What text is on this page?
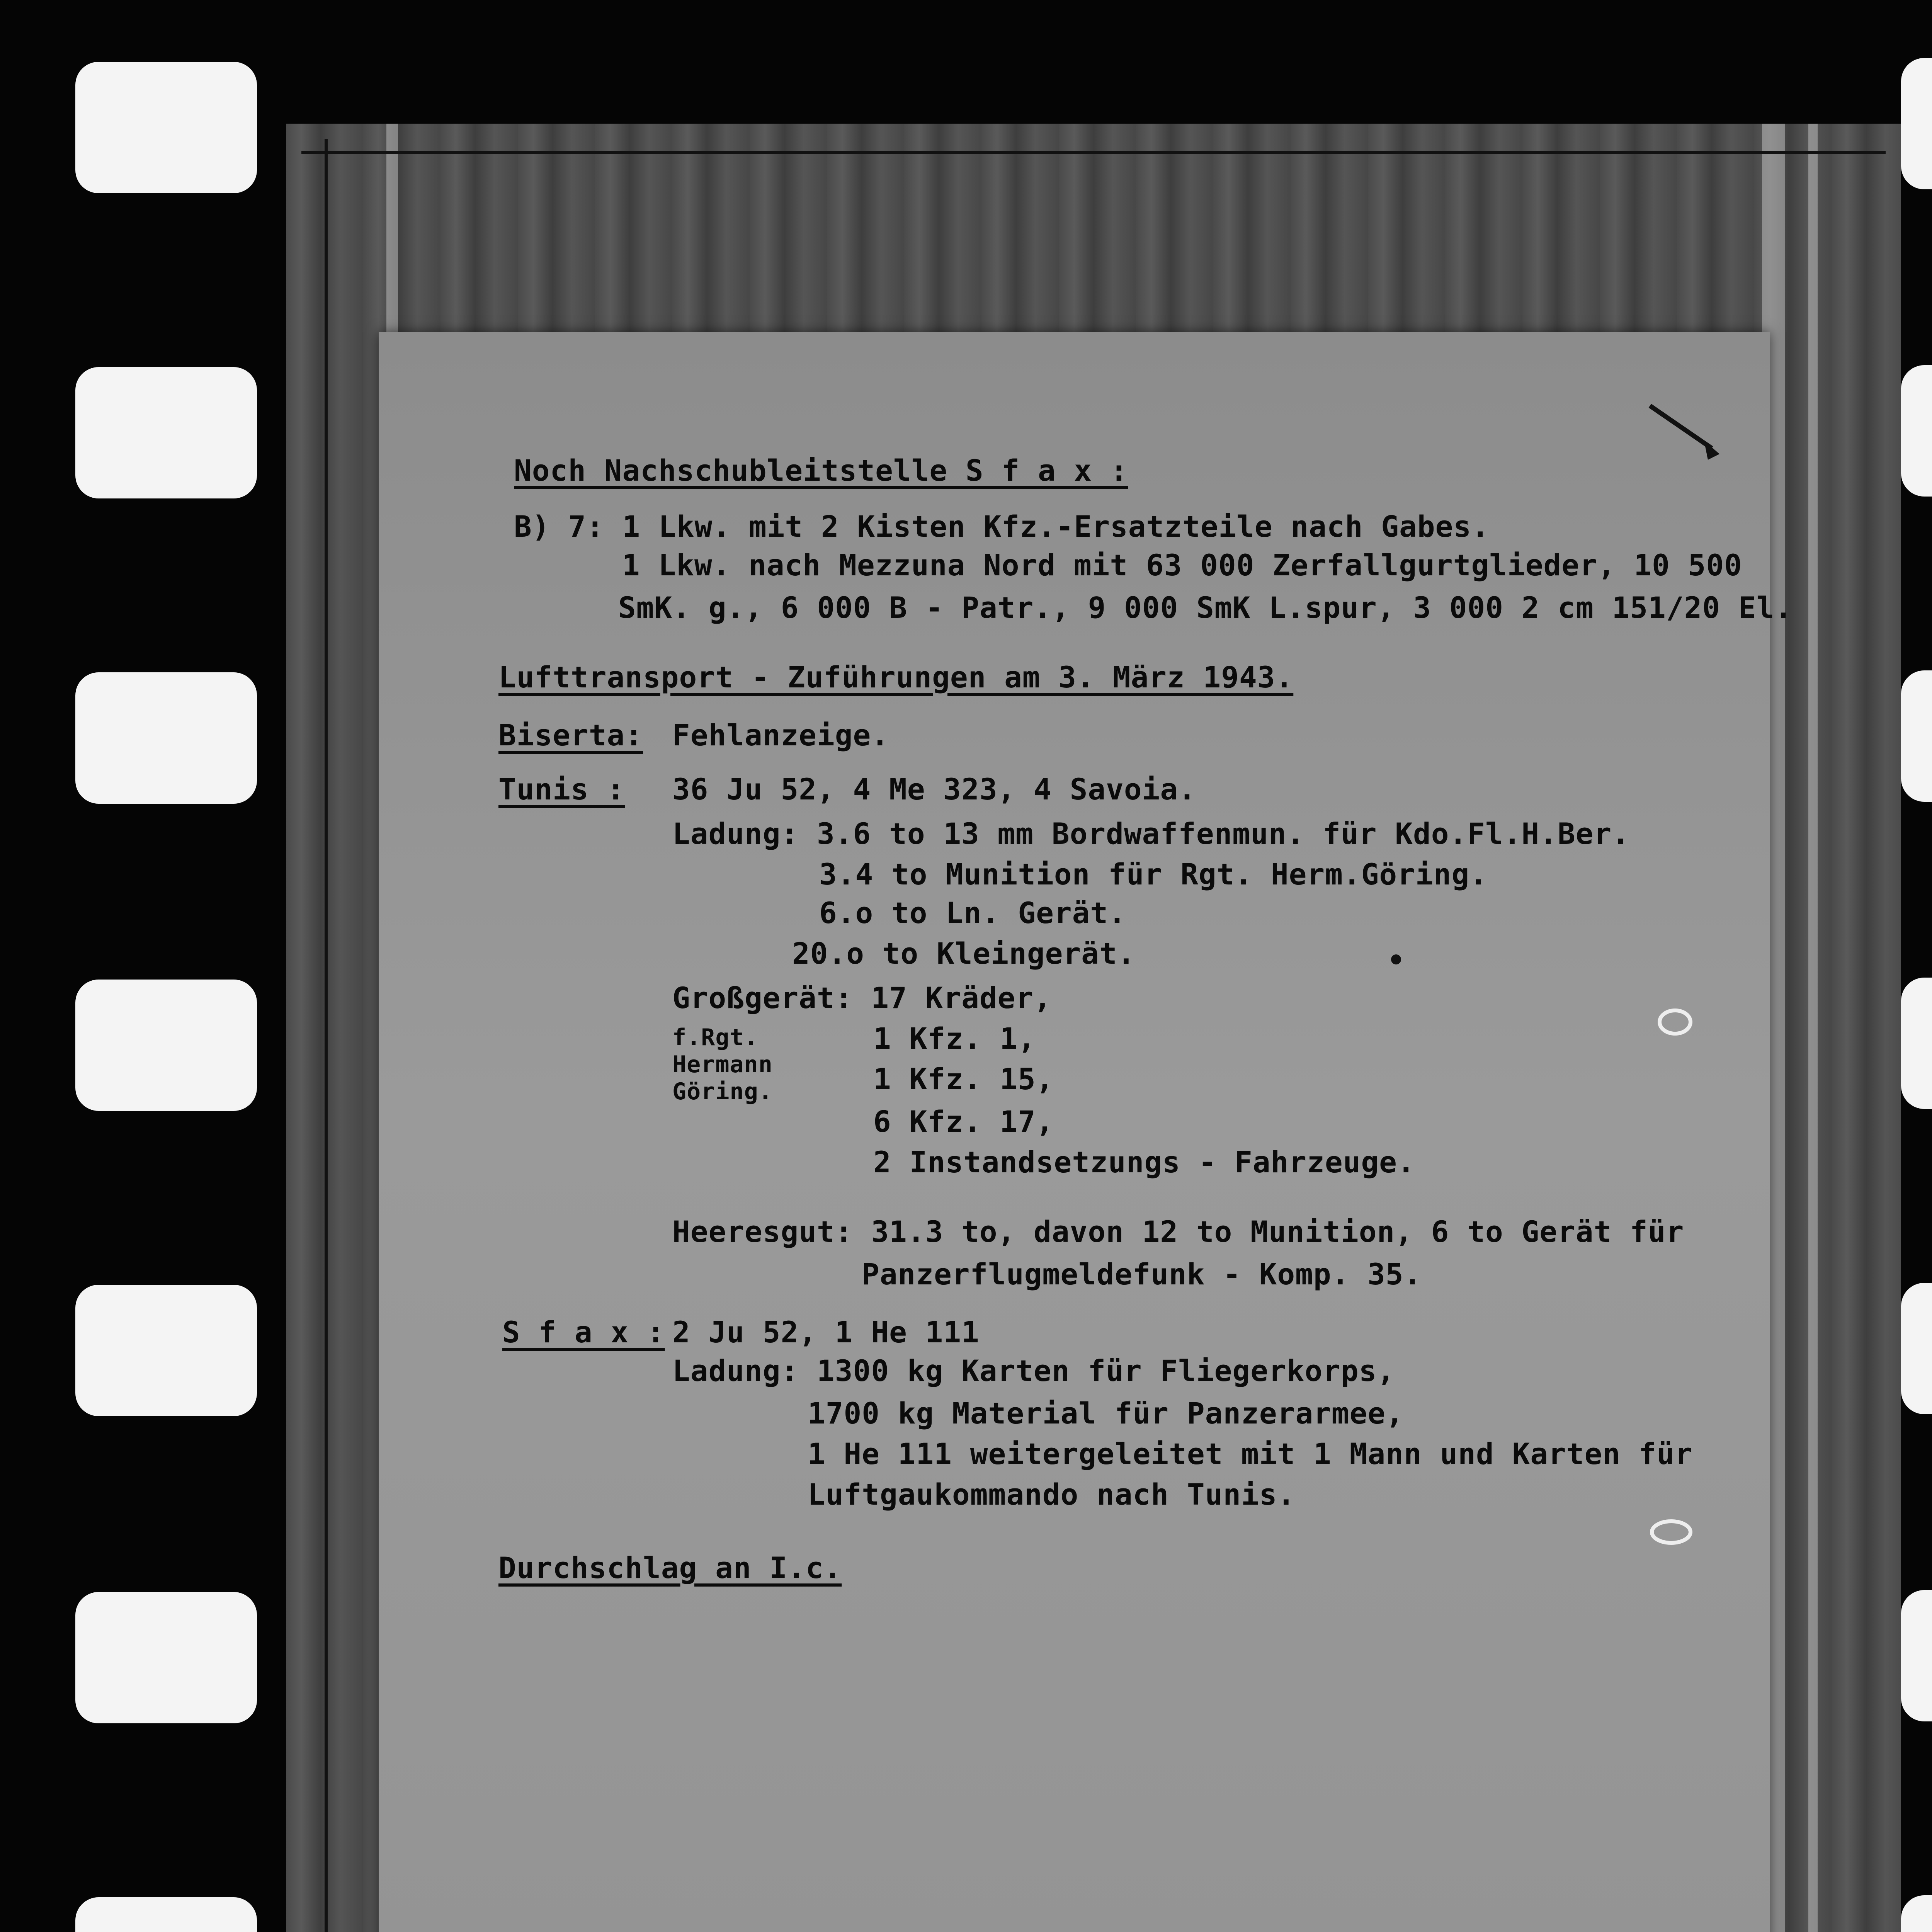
Noch Nachschubleitstelle S f a x :
B) 7: 1 Lkw. mit 2 Kisten Kfz.-Ersatzteile nach Gabes.
1 Lkw. nach Mezzuna Nord mit 63 000 Zerfallgurtglieder, 10 500
SmK. g., 6 000 B - Patr., 9 000 SmK L.spur, 3 000 2 cm 151/20 El.
Lufttransport - Zuführungen am 3. März 1943.
Biserta: Fehlanzeige.
Tunis : 36 Ju 52, 4 Me 323, 4 Savoia.
Ladung: 3.6 to 13 mm Bordwaffenmun. für Kdo.Fl.H.Ber.
3.4 to Munition für Rgt. Herm.Göring.
6.o to Ln. Gerät.
20.o to Kleingerät.
Großgerät: 17 Kräder,
1 Kfz. 1,
1 Kfz. 15,
6 Kfz. 17,
2 Instandsetzungs - Fahrzeuge.
f.Rgt.
Hermann
Göring.
Heeresgut: 31.3 to, davon 12 to Munition, 6 to Gerät für
Panzerflugmeldefunk - Komp. 35.
S f a x : 2 Ju 52, 1 He 111
Ladung: 1300 kg Karten für Fliegerkorps,
1700 kg Material für Panzerarmee,
1 He 111 weitergeleitet mit 1 Mann und Karten für
Luftgaukommando nach Tunis.
Durchschlag an I.c.
